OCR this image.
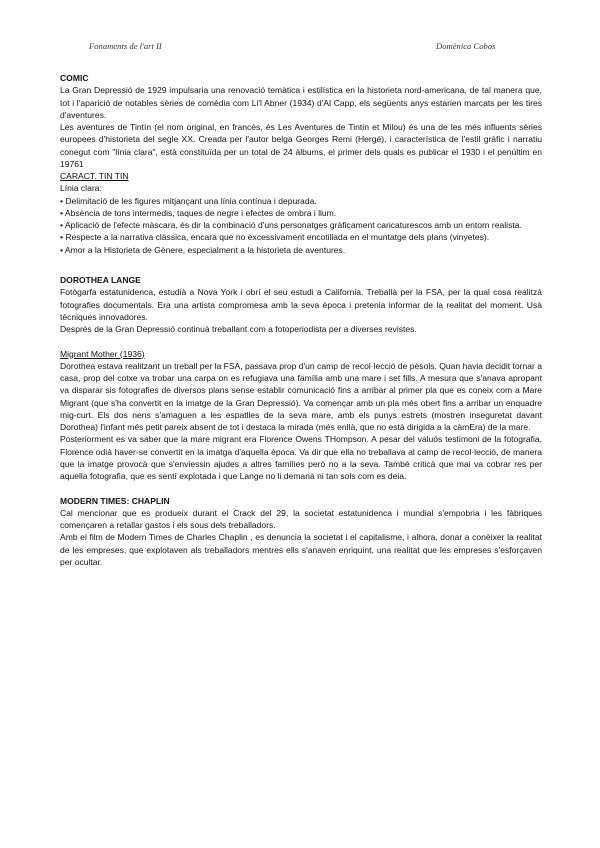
Fonaments de l'art II	Domènica Cobos

COMIC

La Gran Depressió de 1929 impulsaria una renovació temàtica i estilística en la historieta nord-americana, de tal manera que, tot i l'aparició de notables sèries de comèdia com Li'l Abner (1934) d'Al Capp, els següents anys estarien marcats per les tires d'aventures.

Les aventures de Tintín (el nom original, en francès, és Les Aventures de Tintin et Milou) és una de les més influents sèries europees d'historieta del segle XX. Creada per l'autor belga Georges Remi (Hergé), i característica de l'estil gràfic i narratiu conegut com "línia clara", està constituïda per un total de 24 àlbums, el primer dels quals es publicar el 1930 i el penúltim en 19761

CARACT. TIN TIN

Línia clara:

• Delimitació de les figures mitjançant una línia contínua i depurada.

• Absència de tons intermedis, taques de negre i efectes de ombra i llum.

• Aplicació de l'efecte màscara, és dir la combinació d'uns personatges gràficament caricaturescos amb un entorn realista.

• Respecte a la narrativa clàssica, encara que no excessivament encotillada en el muntatge dels plans (vinyetes).

• Amor a la Historieta de Gènere, especialment a la historieta de aventures.

DOROTHEA LANGE

Fotògarfa estatunidenca, estudià a Nova York i obrí el seu estudi a California. Treballà per la FSA, per la qual cosa realitzà fotografies documentals. Era una artista compromesa amb la seva època i pretenia informar de la realitat del moment. Usà tècniques innovadores.

Després de la Gran Depressió continuà treballant com a fotoperiodista per a diverses revistes.

Migrant Mother (1936)

Dorothea estava realitzant un treball per la FSA, passava prop d'un camp de recol·lecció de pèsols. Quan havia decidit tornar a casa, prop del cotxe va trobar una carpa on es refugiava una família amb una mare i set fills. A mesura que s'anava apropant va disparar sis fotografies de diversos plans sense establir comunicació fins a arribar al primer pla que es coneix com a Mare Migrant (que s'ha convertit en la imatge de la Gran Depressió). Va començar amb un pla més obert fins a arribar un enquadre mig-curt. Els dos nens s'amaguen a les espatlles de la seva mare, amb els punys estrets (mostren inseguretat davant Dorothea) l'infant més petit pareix absent de tot i destaca la mirada (més enllà, que no està dirigida a la càmEra) de la mare.

Posteriorment es va saber que la mare migrant era Florence Owens THompson. A pesar del valuós testimoni de la fotografia, Florence odià haver-se convertit en la imatga d'aquella època. Va dir que ella no treballava al camp de recol·lecció, de manera que la imatge provocà que s'enviessin ajudes a altres famílies però no a la seva. També criticà que mai va cobrar res per aquella fotografia, que es sentí explotada i que Lange no li demanà ni tan sols com es deia.

MODERN TIMES: CHAPLIN

Cal mencionar que es produeix durant el Crack del 29, la societat estatunidenca i mundial s'empobria i les fàbriques començaren a retallar gastos i els sous dels treballadors.

Amb el film de Modern Times de Charles Chaplin , es denuncia la societat i el capitalisme, i alhora, donar a conèixer la realitat de les empreses, que explotaven als treballadors mentres ells s'anaven enriquint, una realitat que les empreses s'esforçaven per ocultar.
